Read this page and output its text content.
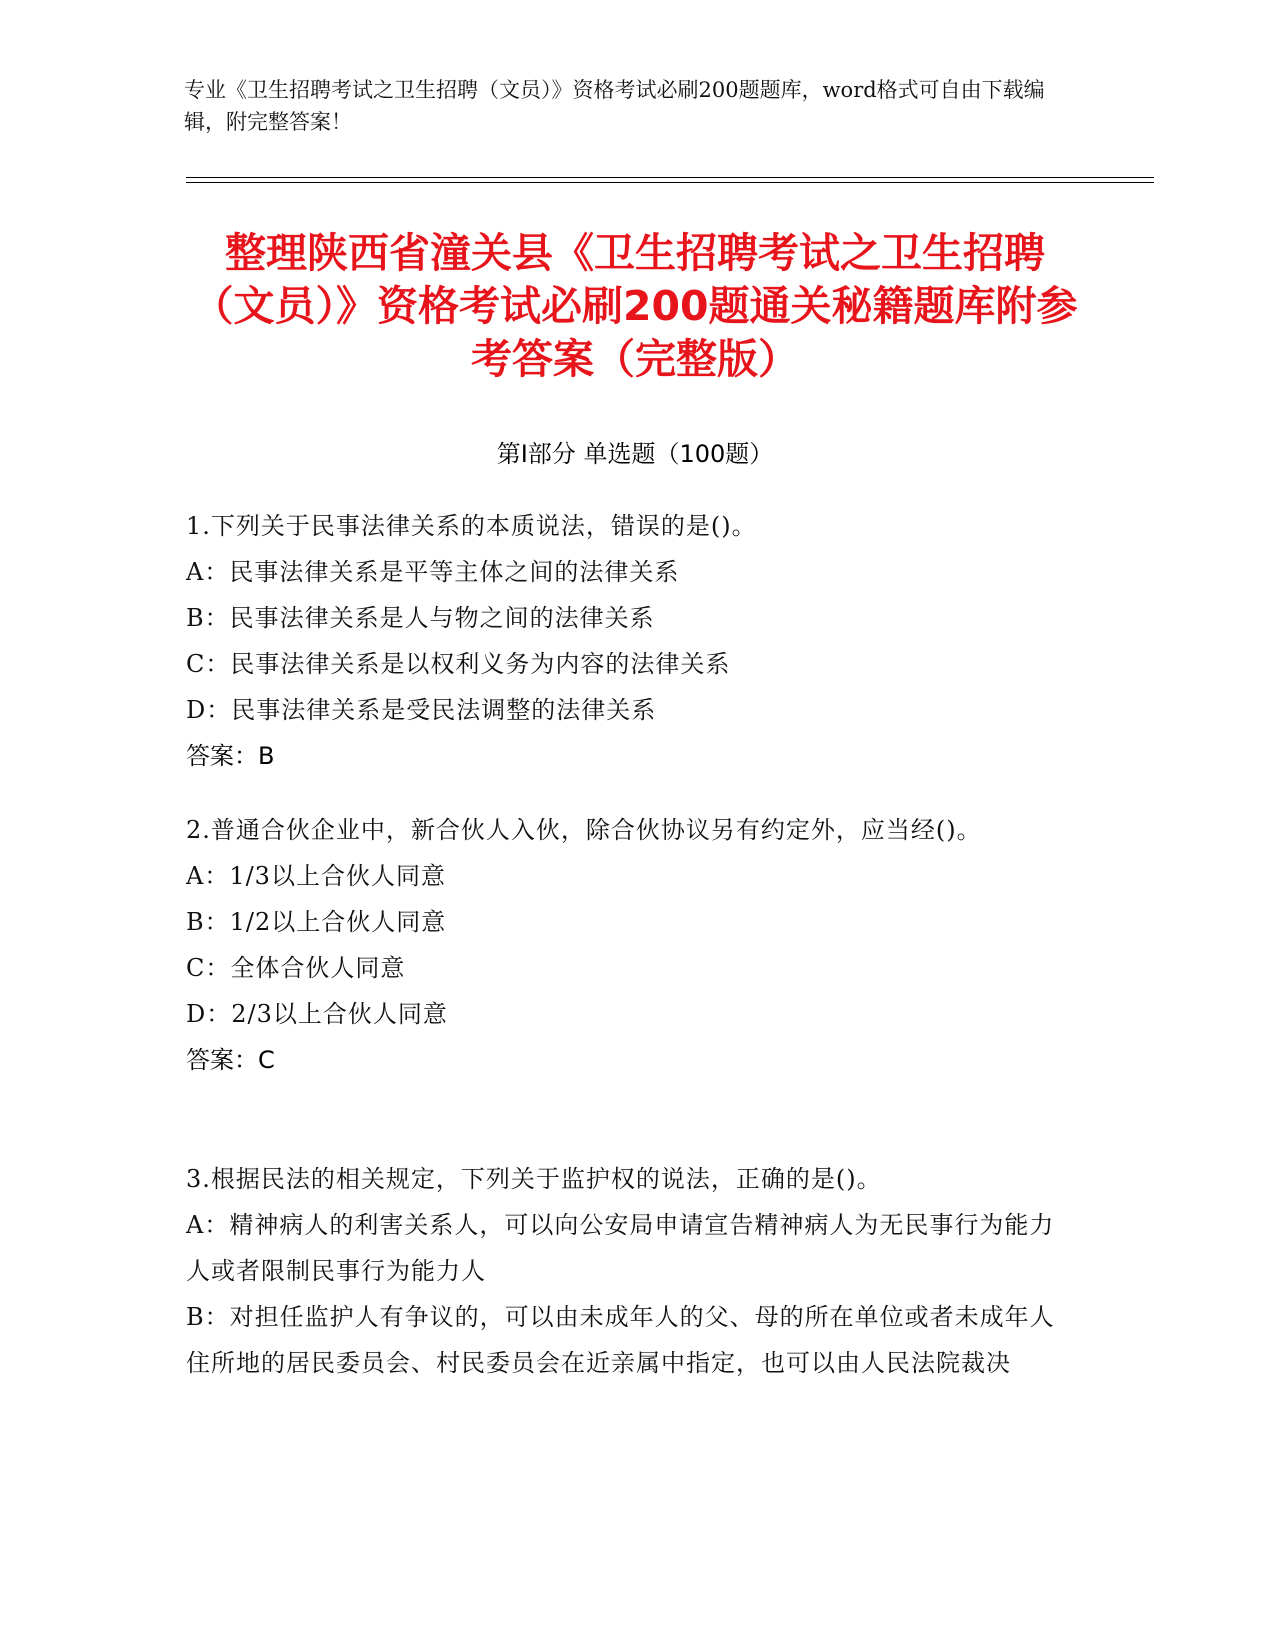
专业《卫生招聘考试之卫生招聘（文员）》资格考试必刷200题题库，word格式可自由下载编辑，附完整答案！
整理陕西省潼关县《卫生招聘考试之卫生招聘（文员）》资格考试必刷200题通关秘籍题库附参考答案（完整版）
第Ⅰ部分 单选题（100题）
1.下列关于民事法律关系的本质说法，错误的是()。
A：民事法律关系是平等主体之间的法律关系
B：民事法律关系是人与物之间的法律关系
C：民事法律关系是以权利义务为内容的法律关系
D：民事法律关系是受民法调整的法律关系
答案：B
2.普通合伙企业中，新合伙人入伙，除合伙协议另有约定外，应当经()。
A：1/3以上合伙人同意
B：1/2以上合伙人同意
C：全体合伙人同意
D：2/3以上合伙人同意
答案：C
3.根据民法的相关规定，下列关于监护权的说法，正确的是()。
A：精神病人的利害关系人，可以向公安局申请宣告精神病人为无民事行为能力人或者限制民事行为能力人
B：对担任监护人有争议的，可以由未成年人的父、母的所在单位或者未成年人住所地的居民委员会、村民委员会在近亲属中指定，也可以由人民法院裁决
